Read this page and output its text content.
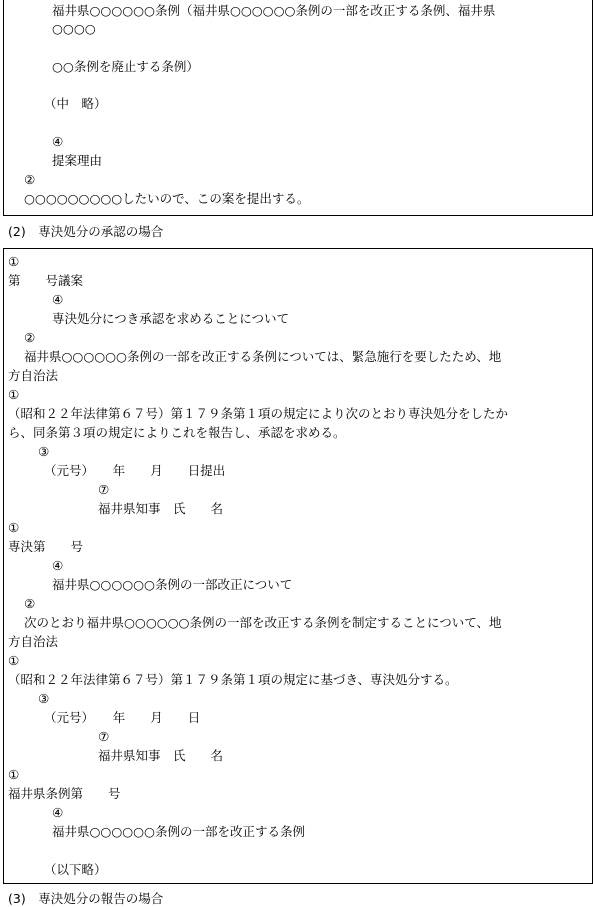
福井県○○○○○○条例（福井県○○○○○○条例の一部を改正する条例、福井県
○○○○
○○条例を廃止する条例）
（中　略）
④
提案理由
②
○○○○○○○○○したいので、この案を提出する。
(2)　専決処分の承認の場合
①
第　　号議案
④
専決処分につき承認を求めることについて
②
福井県○○○○○○条例の一部を改正する条例については、緊急施行を要したため、地
方自治法
①
（昭和２２年法律第６７号）第１７９条第１項の規定により次のとおり専決処分をしたか
ら、同条第３項の規定によりこれを報告し、承認を求める。
③
（元号）　　年　　月　　日提出
⑦
福井県知事　氏　　名
①
専決第　　号
④
福井県○○○○○○条例の一部改正について
②
次のとおり福井県○○○○○○条例の一部を改正する条例を制定することについて、地
方自治法
①
（昭和２２年法律第６７号）第１７９条第１項の規定に基づき、専決処分する。
③
（元号）　　年　　月　　日
⑦
福井県知事　氏　　名
①
福井県条例第　　号
④
福井県○○○○○○条例の一部を改正する条例
（以下略）
(3)　専決処分の報告の場合
